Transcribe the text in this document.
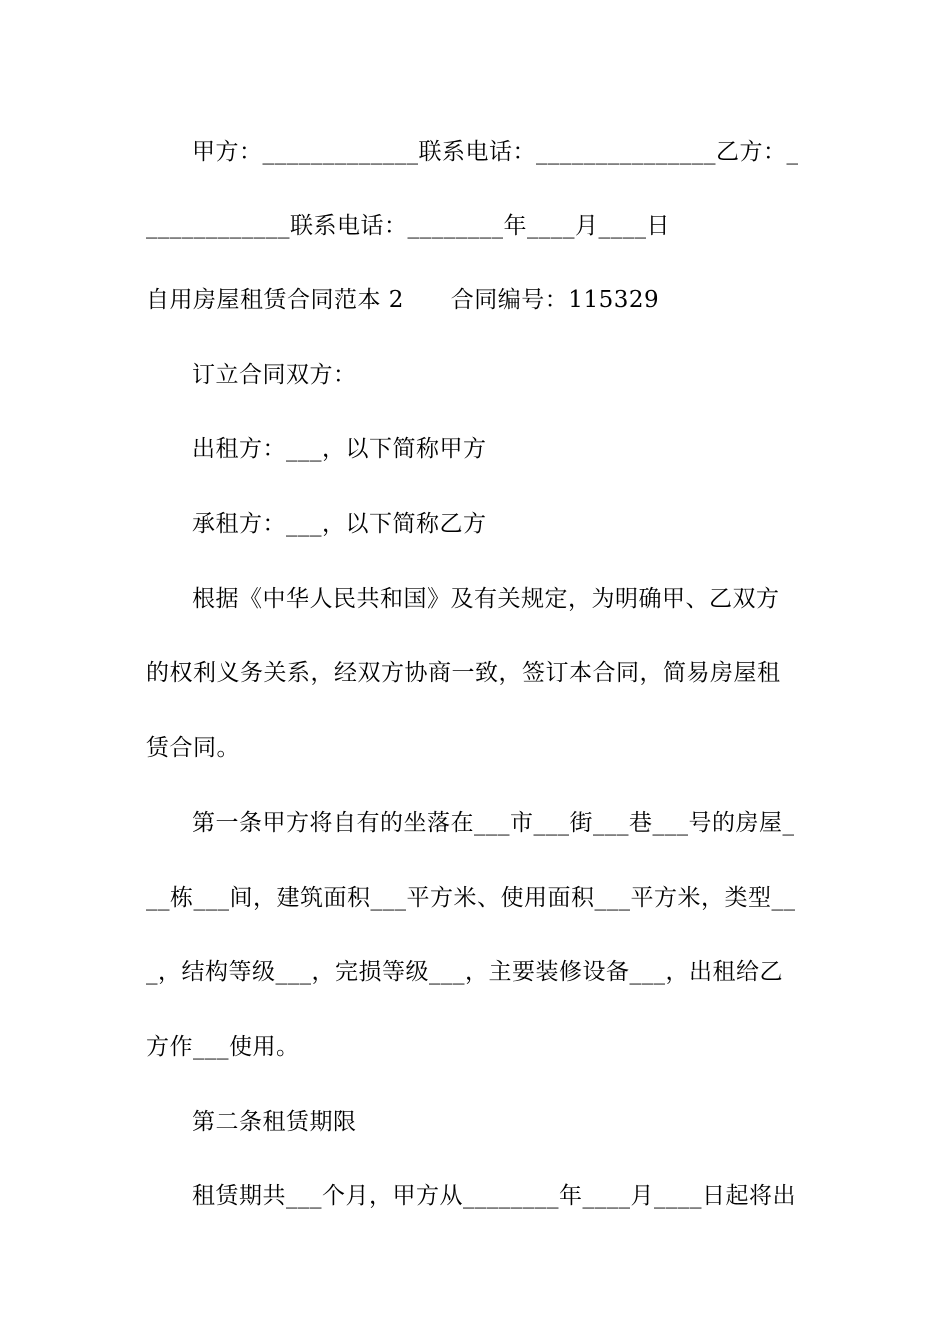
甲方：_____________联系电话：_______________乙方：_
____________联系电话：________年____月____日
自用房屋租赁合同范本 2      合同编号：115329
订立合同双方：
出租方：___，以下简称甲方
承租方：___，以下简称乙方
根据《中华人民共和国》及有关规定，为明确甲、乙双方
的权利义务关系，经双方协商一致，签订本合同，简易房屋租
赁合同。
第一条甲方将自有的坐落在___市___街___巷___号的房屋_
__栋___间，建筑面积___平方米、使用面积___平方米，类型__
_，结构等级___，完损等级___，主要装修设备___，出租给乙
方作___使用。
第二条租赁期限
租赁期共___个月，甲方从________年____月____日起将出
